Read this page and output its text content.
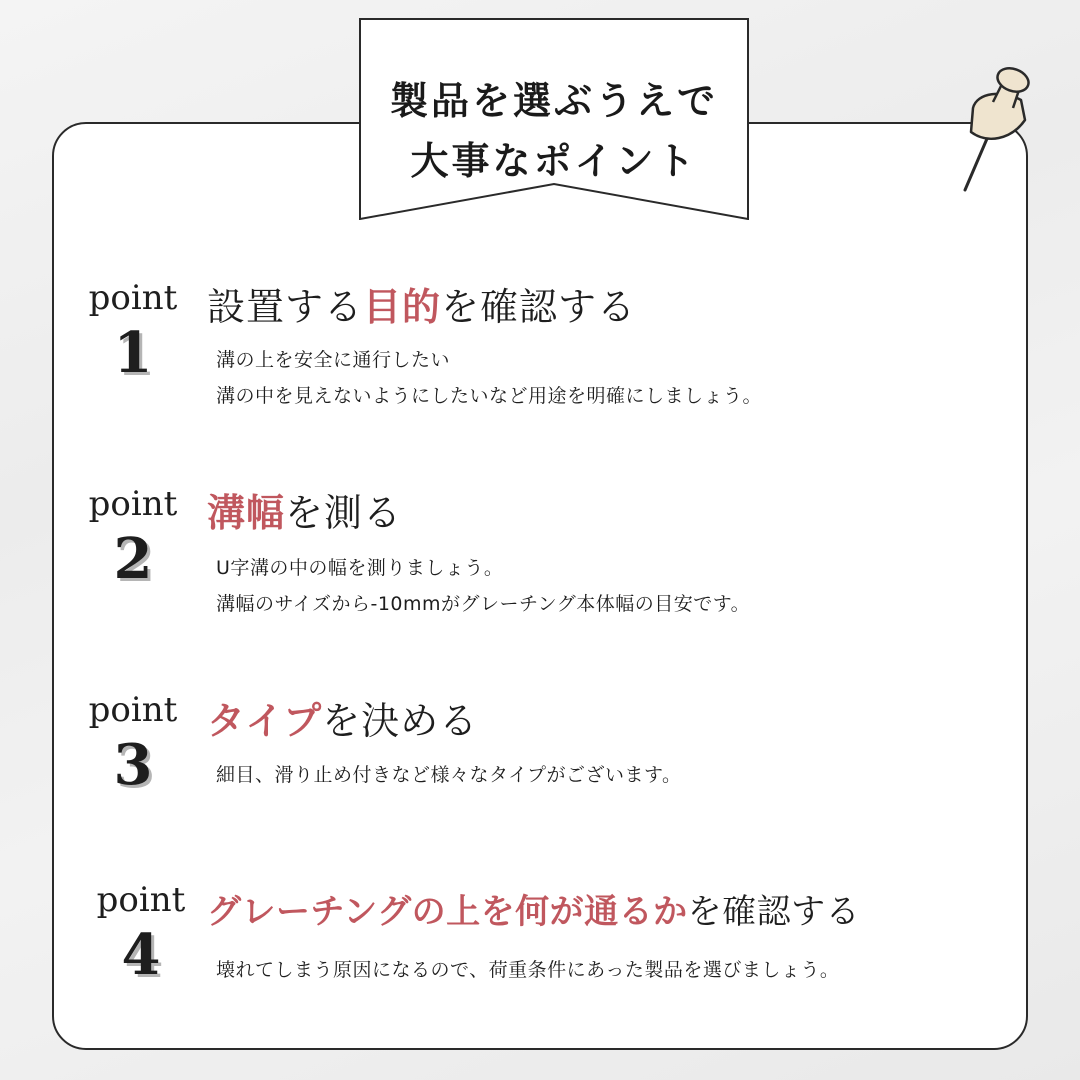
製品を選ぶうえで
大事なポイント
point
1
設置する目的を確認する
溝の上を安全に通行したい
溝の中を見えないようにしたいなど用途を明確にしましょう。
point
2
溝幅を測る
U字溝の中の幅を測りましょう。
溝幅のサイズから-10mmがグレーチング本体幅の目安です。
point
3
タイプを決める
細目、滑り止め付きなど様々なタイプがございます。
point
4
グレーチングの上を何が通るかを確認する
壊れてしまう原因になるので、荷重条件にあった製品を選びましょう。
